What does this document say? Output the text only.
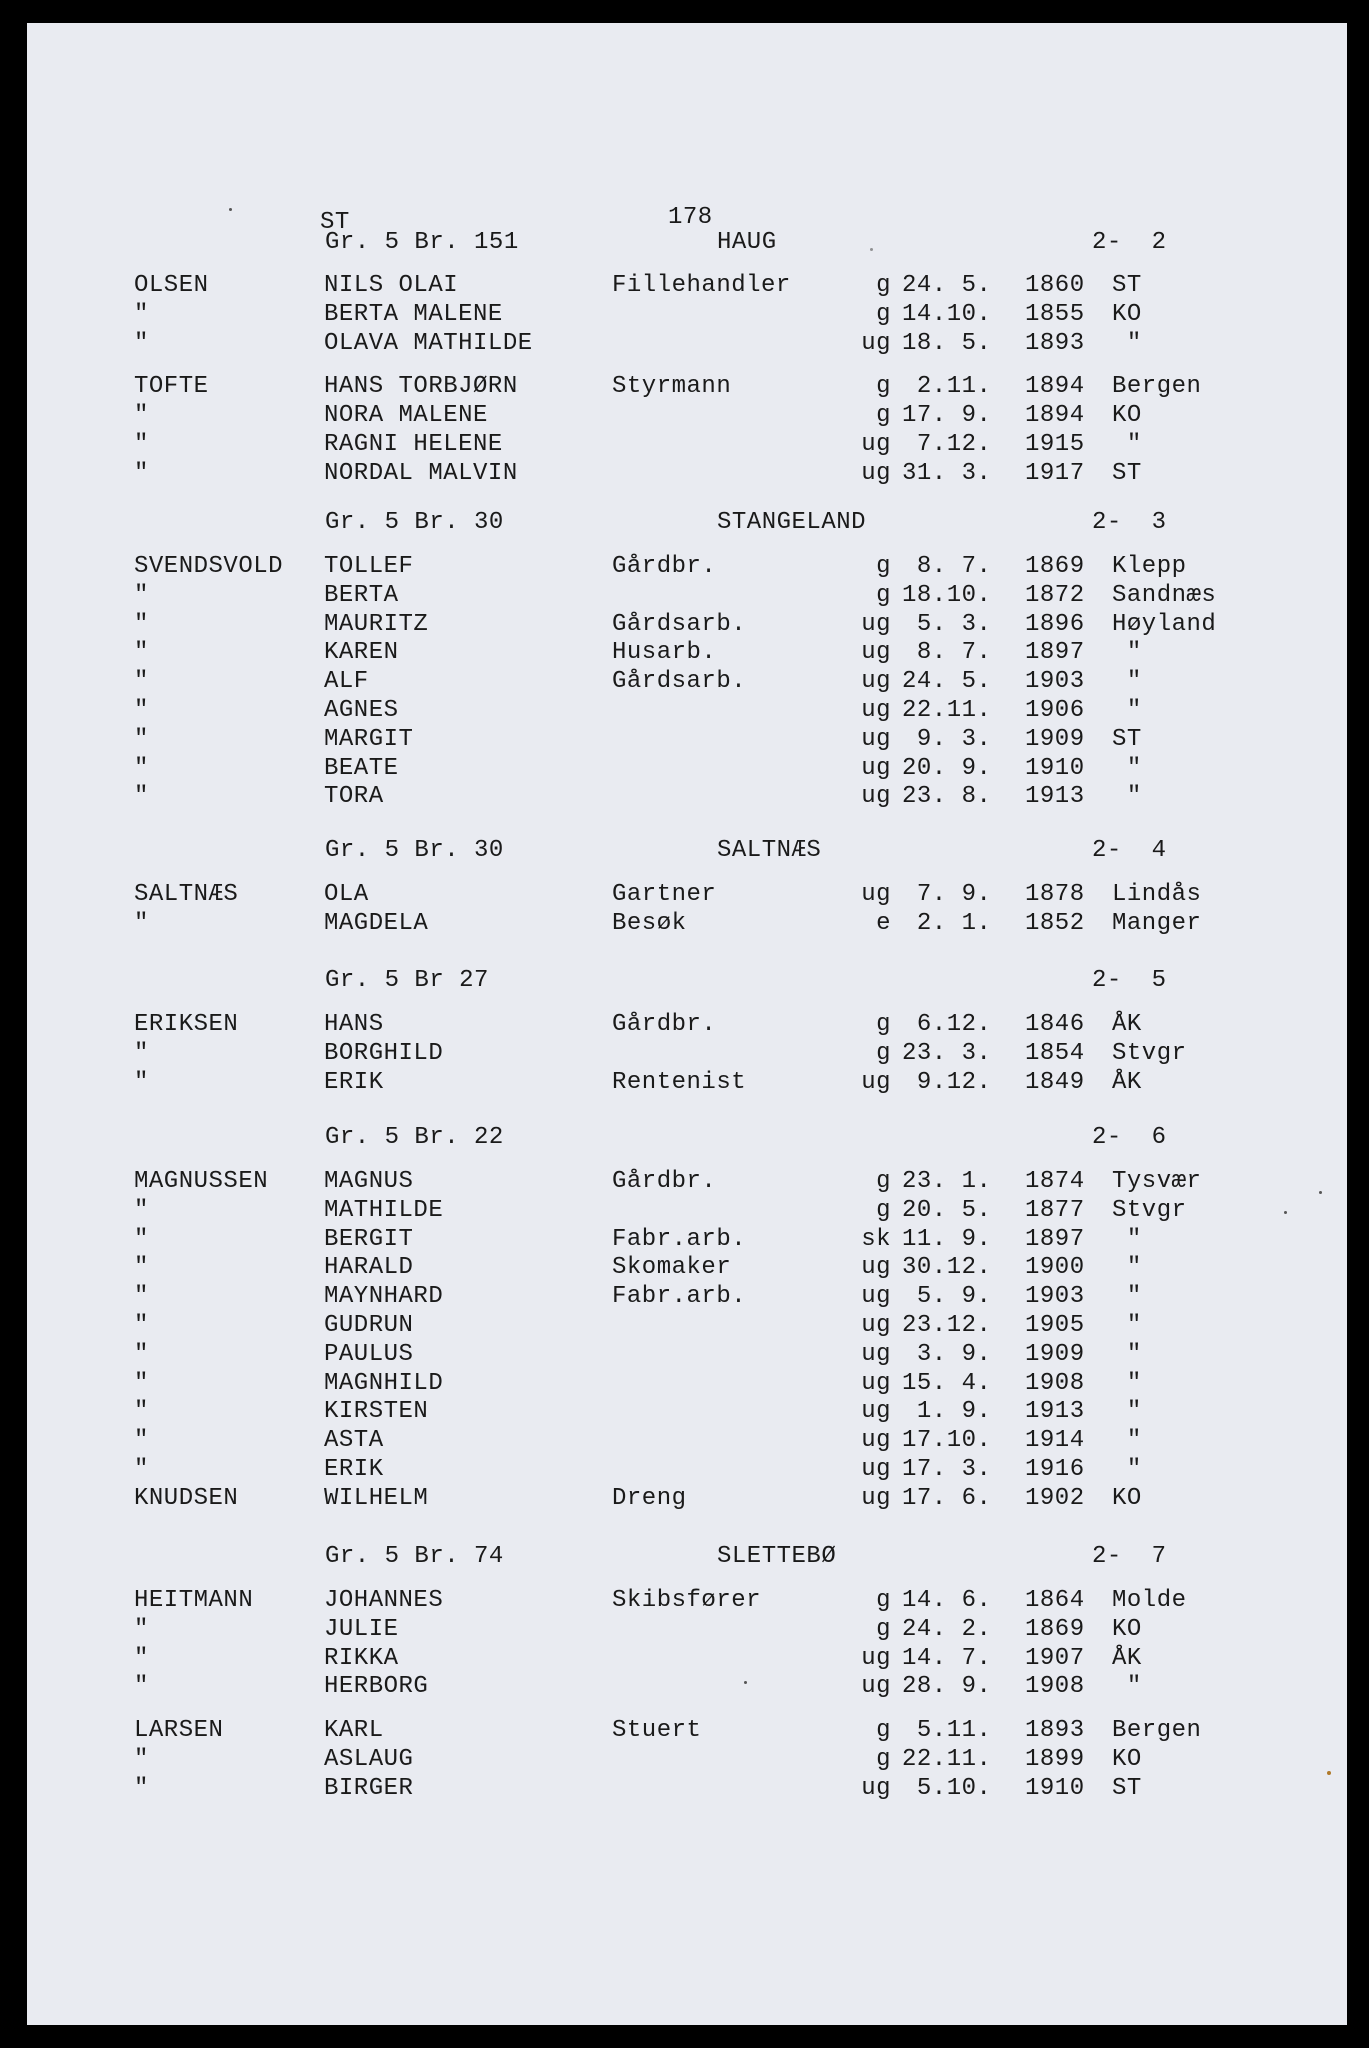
ST	178
Gr. 5 Br. 151	HAUG	2-  2
OLSEN	NILS OLAI	Fillehandler	g 24. 5. 1860 ST
"	BERTA MALENE	g 14.10. 1855 KO
"	OLAVA MATHILDE	ug 18. 5. 1893 "
TOFTE	HANS TORBJØRN	Styrmann	g 2.11. 1894 Bergen
"	NORA MALENE	g 17. 9. 1894 KO
"	RAGNI HELENE	ug 7.12. 1915 "
"	NORDAL MALVIN	ug 31. 3. 1917 ST
Gr. 5 Br. 30	STANGELAND	2-  3
SVENDSVOLD TOLLEF	Gårdbr.	g 8. 7. 1869 Klepp
"	BERTA	g 18.10. 1872 Sandnæs
"	MAURITZ	Gårdsarb.	ug 5. 3. 1896 Høyland
"	KAREN	Husarb.	ug 8. 7. 1897 "
"	ALF	Gårdsarb.	ug 24. 5. 1903 "
"	AGNES	ug 22.11. 1906 "
"	MARGIT	ug 9. 3. 1909 ST
"	BEATE	ug 20. 9. 1910 "
"	TORA	ug 23. 8. 1913 "
Gr. 5 Br. 30	SALTNÆS	2-  4
SALTNÆS	OLA	Gartner	ug 7. 9. 1878 Lindås
"	MAGDELA	Besøk	e 2. 1. 1852 Manger
Gr. 5 Br 27	2-  5
ERIKSEN	HANS	Gårdbr.	g 6.12. 1846 ÅK
"	BORGHILD	g 23. 3. 1854 Stvgr
"	ERIK	Rentenist	ug 9.12. 1849 ÅK
Gr. 5 Br. 22	2-  6
MAGNUSSEN MAGNUS	Gårdbr.	g 23. 1. 1874 Tysvær
"	MATHILDE	g 20. 5. 1877 Stvgr
"	BERGIT	Fabr.arb.	sk 11. 9. 1897 "
"	HARALD	Skomaker	ug 30.12. 1900 "
"	MAYNHARD	Fabr.arb.	ug 5. 9. 1903 "
"	GUDRUN	ug 23.12. 1905 "
"	PAULUS	ug 3. 9. 1909 "
"	MAGNHILD	ug 15. 4. 1908 "
"	KIRSTEN	ug 1. 9. 1913 "
"	ASTA	ug 17.10. 1914 "
"	ERIK	ug 17. 3. 1916 "
KNUDSEN	WILHELM	Dreng	ug 17. 6. 1902 KO
Gr. 5 Br. 74	SLETTEBØ	2-  7
HEITMANN	JOHANNES	Skibsfører	g 14. 6. 1864 Molde
"	JULIE	g 24. 2. 1869 KO
"	RIKKA	ug 14. 7. 1907 ÅK
"	HERBORG	ug 28. 9. 1908 "
LARSEN	KARL	Stuert	g 5.11. 1893 Bergen
"	ASLAUG	g 22.11. 1899 KO
"	BIRGER	ug 5.10. 1910 ST
